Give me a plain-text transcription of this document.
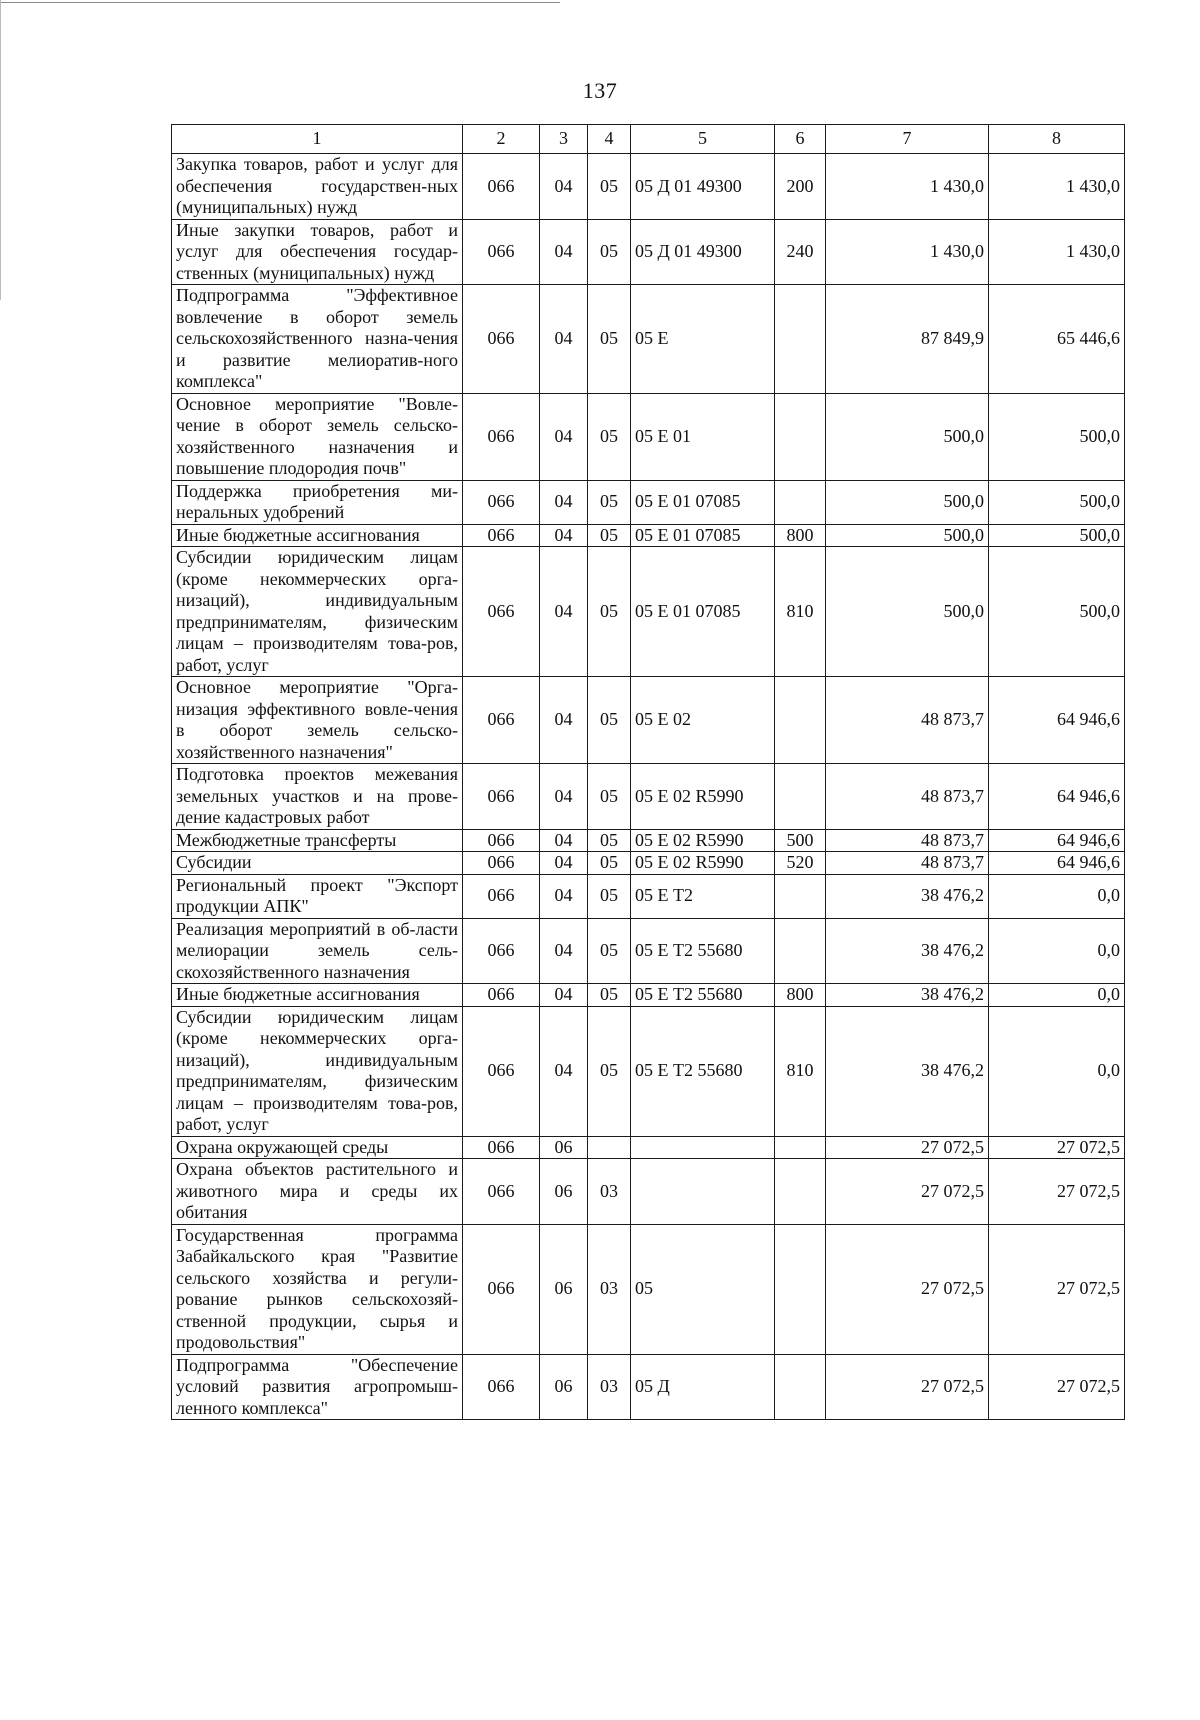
137
1	2	3	4	5	6	7	8
Закупка товаров, работ и услуг для обеспечения государствен-ных (муниципальных) нужд	066	04	05	05 Д 01 49300	200	1 430,0	1 430,0
Иные закупки товаров, работ и услуг для обеспечения государ-ственных (муниципальных) нужд	066	04	05	05 Д 01 49300	240	1 430,0	1 430,0
Подпрограмма "Эффективное вовлечение в оборот земель сельскохозяйственного назна-чения и развитие мелиоратив-ного комплекса"	066	04	05	05 Е		87 849,9	65 446,6
Основное мероприятие "Вовле-чение в оборот земель сельско-хозяйственного назначения и повышение плодородия почв"	066	04	05	05 Е 01		500,0	500,0
Поддержка приобретения ми-неральных удобрений	066	04	05	05 Е 01 07085		500,0	500,0
Иные бюджетные ассигнования	066	04	05	05 Е 01 07085	800	500,0	500,0
Субсидии юридическим лицам (кроме некоммерческих орга-низаций), индивидуальным предпринимателям, физическим лицам – производителям това-ров, работ, услуг	066	04	05	05 Е 01 07085	810	500,0	500,0
Основное мероприятие "Орга-низация эффективного вовле-чения в оборот земель сельско-хозяйственного назначения"	066	04	05	05 Е 02		48 873,7	64 946,6
Подготовка проектов межевания земельных участков и на прове-дение кадастровых работ	066	04	05	05 Е 02 R5990		48 873,7	64 946,6
Межбюджетные трансферты	066	04	05	05 Е 02 R5990	500	48 873,7	64 946,6
Субсидии	066	04	05	05 Е 02 R5990	520	48 873,7	64 946,6
Региональный проект "Экспорт продукции АПК"	066	04	05	05 Е Т2		38 476,2	0,0
Реализация мероприятий в об-ласти мелиорации земель сель-скохозяйственного назначения	066	04	05	05 Е Т2 55680		38 476,2	0,0
Иные бюджетные ассигнования	066	04	05	05 Е Т2 55680	800	38 476,2	0,0
Субсидии юридическим лицам (кроме некоммерческих орга-низаций), индивидуальным предпринимателям, физическим лицам – производителям това-ров, работ, услуг	066	04	05	05 Е Т2 55680	810	38 476,2	0,0
Охрана окружающей среды	066	06				27 072,5	27 072,5
Охрана объектов растительного и животного мира и среды их обитания	066	06	03			27 072,5	27 072,5
Государственная программа Забайкальского края "Развитие сельского хозяйства и регули-рование рынков сельскохозяй-ственной продукции, сырья и продовольствия"	066	06	03	05		27 072,5	27 072,5
Подпрограмма "Обеспечение условий развития агропромыш-ленного комплекса"	066	06	03	05 Д		27 072,5	27 072,5
